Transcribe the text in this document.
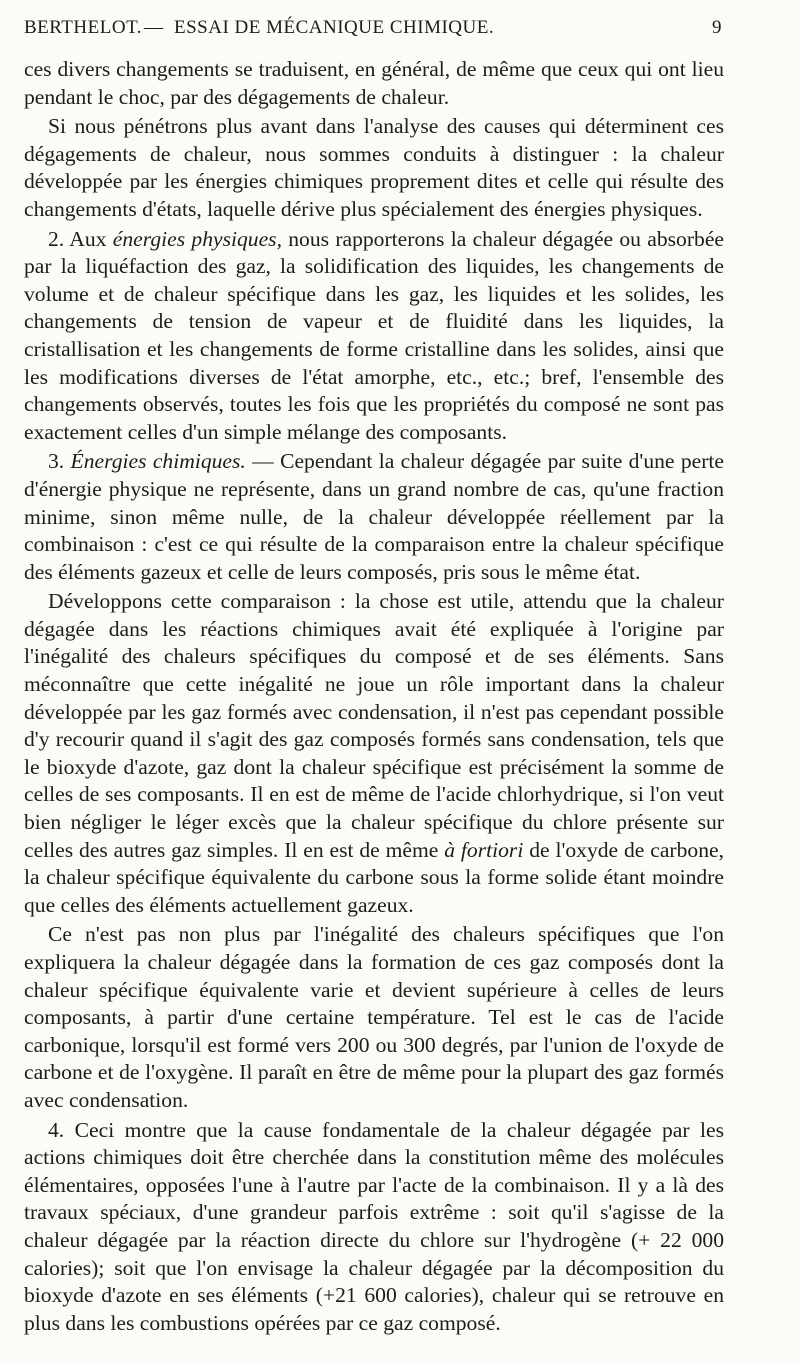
BERTHELOT. — ESSAI DE MÉCANIQUE CHIMIQUE.	9

ces divers changements se traduisent, en général, de même que ceux qui ont lieu pendant le choc, par des dégagements de chaleur.

Si nous pénétrons plus avant dans l'analyse des causes qui déterminent ces dégagements de chaleur, nous sommes conduits à distinguer : la chaleur développée par les énergies chimiques proprement dites et celle qui résulte des changements d'états, laquelle dérive plus spécialement des énergies physiques.

2. Aux énergies physiques, nous rapporterons la chaleur dégagée ou absorbée par la liquéfaction des gaz, la solidification des liquides, les changements de volume et de chaleur spécifique dans les gaz, les liquides et les solides, les changements de tension de vapeur et de fluidité dans les liquides, la cristallisation et les changements de forme cristalline dans les solides, ainsi que les modifications diverses de l'état amorphe, etc., etc.; bref, l'ensemble des changements observés, toutes les fois que les propriétés du composé ne sont pas exactement celles d'un simple mélange des composants.

3. Énergies chimiques. — Cependant la chaleur dégagée par suite d'une perte d'énergie physique ne représente, dans un grand nombre de cas, qu'une fraction minime, sinon même nulle, de la chaleur développée réellement par la combinaison : c'est ce qui résulte de la comparaison entre la chaleur spécifique des éléments gazeux et celle de leurs composés, pris sous le même état.

Développons cette comparaison : la chose est utile, attendu que la chaleur dégagée dans les réactions chimiques avait été expliquée à l'origine par l'inégalité des chaleurs spécifiques du composé et de ses éléments. Sans méconnaître que cette inégalité ne joue un rôle important dans la chaleur développée par les gaz formés avec condensation, il n'est pas cependant possible d'y recourir quand il s'agit des gaz composés formés sans condensation, tels que le bioxyde d'azote, gaz dont la chaleur spécifique est précisément la somme de celles de ses composants. Il en est de même de l'acide chlorhydrique, si l'on veut bien négliger le léger excès que la chaleur spécifique du chlore présente sur celles des autres gaz simples. Il en est de même à fortiori de l'oxyde de carbone, la chaleur spécifique équivalente du carbone sous la forme solide étant moindre que celles des éléments actuellement gazeux.

Ce n'est pas non plus par l'inégalité des chaleurs spécifiques que l'on expliquera la chaleur dégagée dans la formation de ces gaz composés dont la chaleur spécifique équivalente varie et devient supérieure à celles de leurs composants, à partir d'une certaine température. Tel est le cas de l'acide carbonique, lorsqu'il est formé vers 200 ou 300 degrés, par l'union de l'oxyde de carbone et de l'oxygène. Il paraît en être de même pour la plupart des gaz formés avec condensation.

4. Ceci montre que la cause fondamentale de la chaleur dégagée par les actions chimiques doit être cherchée dans la constitution même des molécules élémentaires, opposées l'une à l'autre par l'acte de la combinaison. Il y a là des travaux spéciaux, d'une grandeur parfois extrême : soit qu'il s'agisse de la chaleur dégagée par la réaction directe du chlore sur l'hydrogène (+ 22 000 calories); soit que l'on envisage la chaleur dégagée par la décomposition du bioxyde d'azote en ses éléments (+21 600 calories), chaleur qui se retrouve en plus dans les combustions opérées par ce gaz composé.
